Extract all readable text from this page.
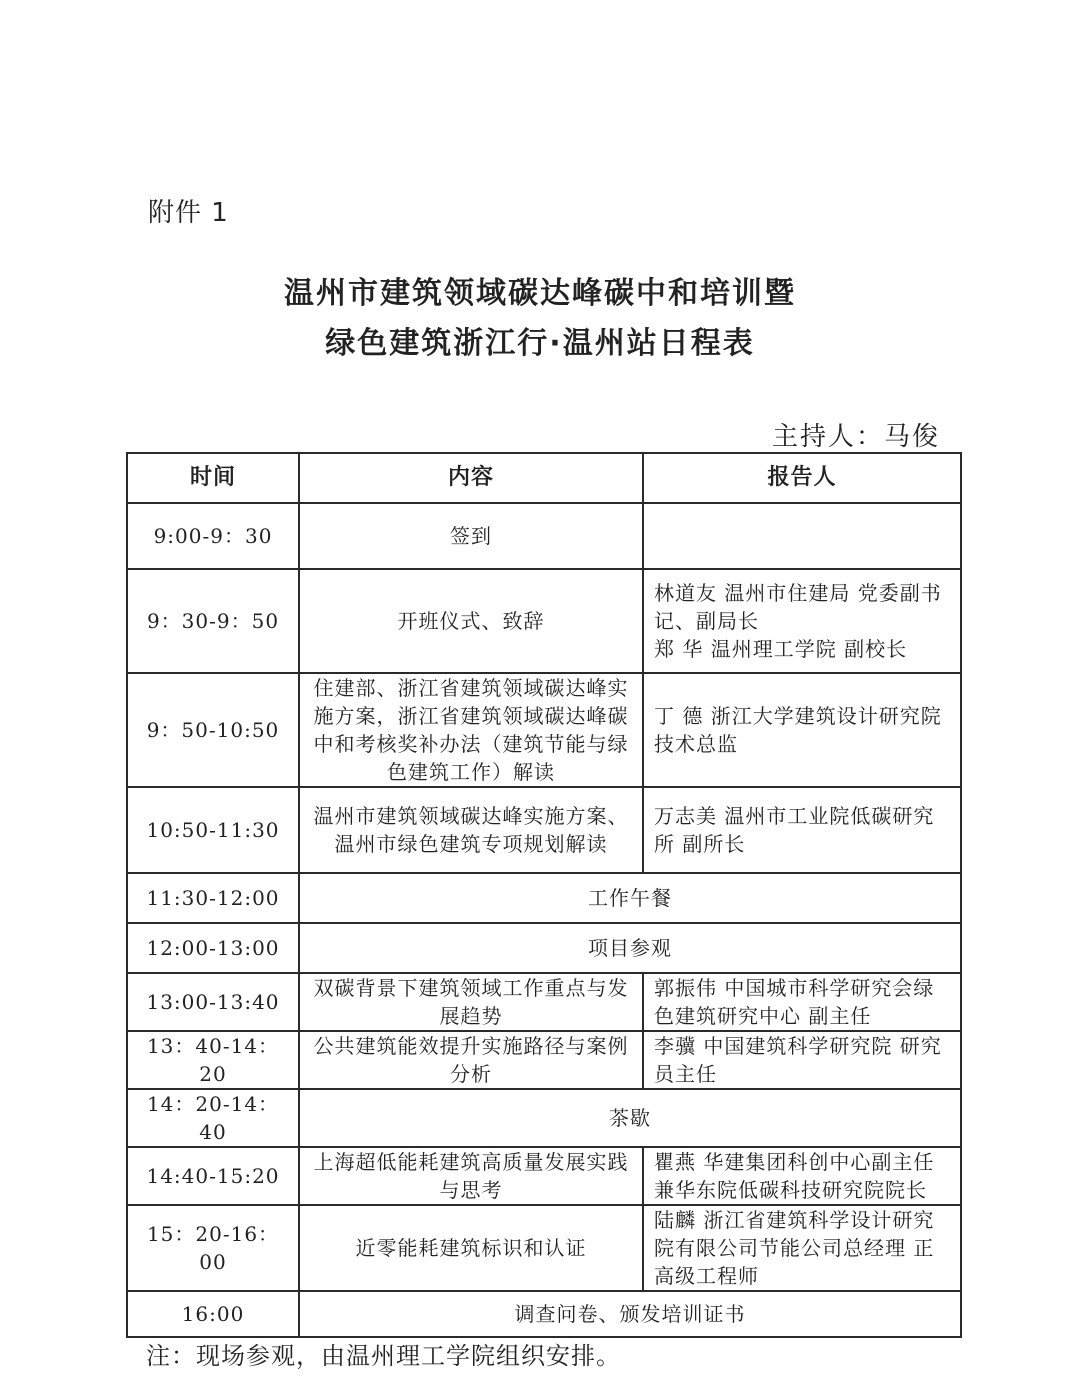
附件 1
温州市建筑领域碳达峰碳中和培训暨
绿色建筑浙江行·温州站日程表
主持人：马俊
时间	内容	报告人
9:00-9：30	签到	
9：30-9：50	开班仪式、致辞	林道友 温州市住建局 党委副书记、副局长
郑 华 温州理工学院 副校长
9：50-10:50	住建部、浙江省建筑领域碳达峰实施方案，浙江省建筑领域碳达峰碳中和考核奖补办法（建筑节能与绿色建筑工作）解读	丁 德 浙江大学建筑设计研究院 技术总监
10:50-11:30	温州市建筑领域碳达峰实施方案、温州市绿色建筑专项规划解读	万志美 温州市工业院低碳研究所 副所长
11:30-12:00	工作午餐	
12:00-13:00	项目参观	
13:00-13:40	双碳背景下建筑领域工作重点与发展趋势	郭振伟 中国城市科学研究会绿色建筑研究中心 副主任
13：40-14：20	公共建筑能效提升实施路径与案例分析	李骥 中国建筑科学研究院 研究员主任
14：20-14：40	茶歇	
14:40-15:20	上海超低能耗建筑高质量发展实践与思考	瞿燕 华建集团科创中心副主任兼华东院低碳科技研究院院长
15：20-16：00	近零能耗建筑标识和认证	陆麟 浙江省建筑科学设计研究院有限公司节能公司总经理 正高级工程师
16:00	调查问卷、颁发培训证书	
注：现场参观，由温州理工学院组织安排。
